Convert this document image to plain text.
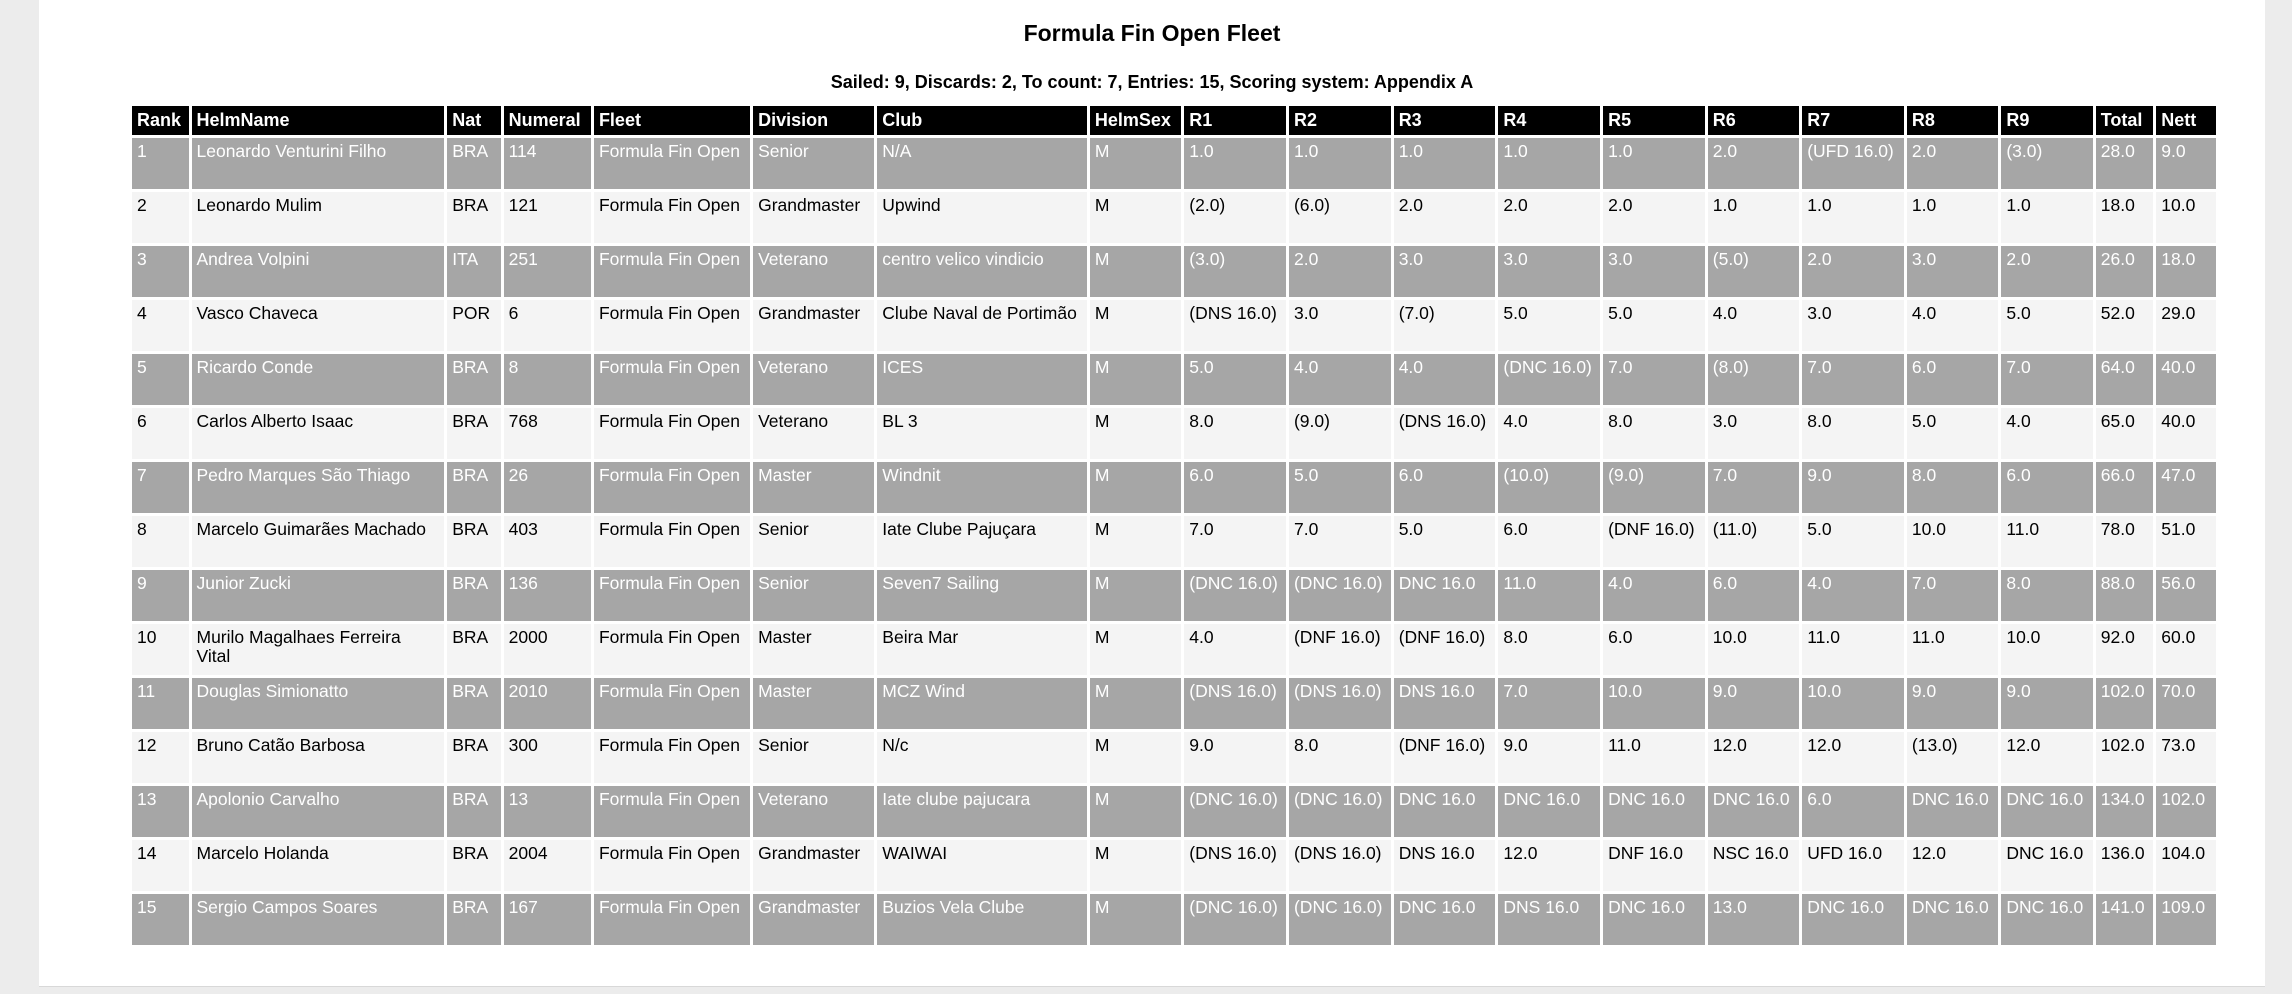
Formula Fin Open Fleet
Sailed: 9, Discards: 2, To count: 7, Entries: 15, Scoring system: Appendix A
Rank	HelmName	Nat	Numeral	Fleet	Division	Club	HelmSex	R1	R2	R3	R4	R5	R6	R7	R8	R9	Total	Nett
1	Leonardo Venturini Filho	BRA	114	Formula Fin Open	Senior	N/A	M	1.0	1.0	1.0	1.0	1.0	2.0	(UFD 16.0)	2.0	(3.0)	28.0	9.0
2	Leonardo Mulim	BRA	121	Formula Fin Open	Grandmaster	Upwind	M	(2.0)	(6.0)	2.0	2.0	2.0	1.0	1.0	1.0	1.0	18.0	10.0
3	Andrea Volpini	ITA	251	Formula Fin Open	Veterano	centro velico vindicio	M	(3.0)	2.0	3.0	3.0	3.0	(5.0)	2.0	3.0	2.0	26.0	18.0
4	Vasco Chaveca	POR	6	Formula Fin Open	Grandmaster	Clube Naval de Portimão	M	(DNS 16.0)	3.0	(7.0)	5.0	5.0	4.0	3.0	4.0	5.0	52.0	29.0
5	Ricardo Conde	BRA	8	Formula Fin Open	Veterano	ICES	M	5.0	4.0	4.0	(DNC 16.0)	7.0	(8.0)	7.0	6.0	7.0	64.0	40.0
6	Carlos Alberto Isaac	BRA	768	Formula Fin Open	Veterano	BL 3	M	8.0	(9.0)	(DNS 16.0)	4.0	8.0	3.0	8.0	5.0	4.0	65.0	40.0
7	Pedro Marques São Thiago	BRA	26	Formula Fin Open	Master	Windnit	M	6.0	5.0	6.0	(10.0)	(9.0)	7.0	9.0	8.0	6.0	66.0	47.0
8	Marcelo Guimarães Machado	BRA	403	Formula Fin Open	Senior	Iate Clube Pajuçara	M	7.0	7.0	5.0	6.0	(DNF 16.0)	(11.0)	5.0	10.0	11.0	78.0	51.0
9	Junior Zucki	BRA	136	Formula Fin Open	Senior	Seven7 Sailing	M	(DNC 16.0)	(DNC 16.0)	DNC 16.0	11.0	4.0	6.0	4.0	7.0	8.0	88.0	56.0
10	Murilo Magalhaes Ferreira Vital	BRA	2000	Formula Fin Open	Master	Beira Mar	M	4.0	(DNF 16.0)	(DNF 16.0)	8.0	6.0	10.0	11.0	11.0	10.0	92.0	60.0
11	Douglas Simionatto	BRA	2010	Formula Fin Open	Master	MCZ Wind	M	(DNS 16.0)	(DNS 16.0)	DNS 16.0	7.0	10.0	9.0	10.0	9.0	9.0	102.0	70.0
12	Bruno Catão Barbosa	BRA	300	Formula Fin Open	Senior	N/c	M	9.0	8.0	(DNF 16.0)	9.0	11.0	12.0	12.0	(13.0)	12.0	102.0	73.0
13	Apolonio Carvalho	BRA	13	Formula Fin Open	Veterano	Iate clube pajucara	M	(DNC 16.0)	(DNC 16.0)	DNC 16.0	DNC 16.0	DNC 16.0	DNC 16.0	6.0	DNC 16.0	DNC 16.0	134.0	102.0
14	Marcelo Holanda	BRA	2004	Formula Fin Open	Grandmaster	WAIWAI	M	(DNS 16.0)	(DNS 16.0)	DNS 16.0	12.0	DNF 16.0	NSC 16.0	UFD 16.0	12.0	DNC 16.0	136.0	104.0
15	Sergio Campos Soares	BRA	167	Formula Fin Open	Grandmaster	Buzios Vela Clube	M	(DNC 16.0)	(DNC 16.0)	DNC 16.0	DNS 16.0	DNC 16.0	13.0	DNC 16.0	DNC 16.0	DNC 16.0	141.0	109.0
